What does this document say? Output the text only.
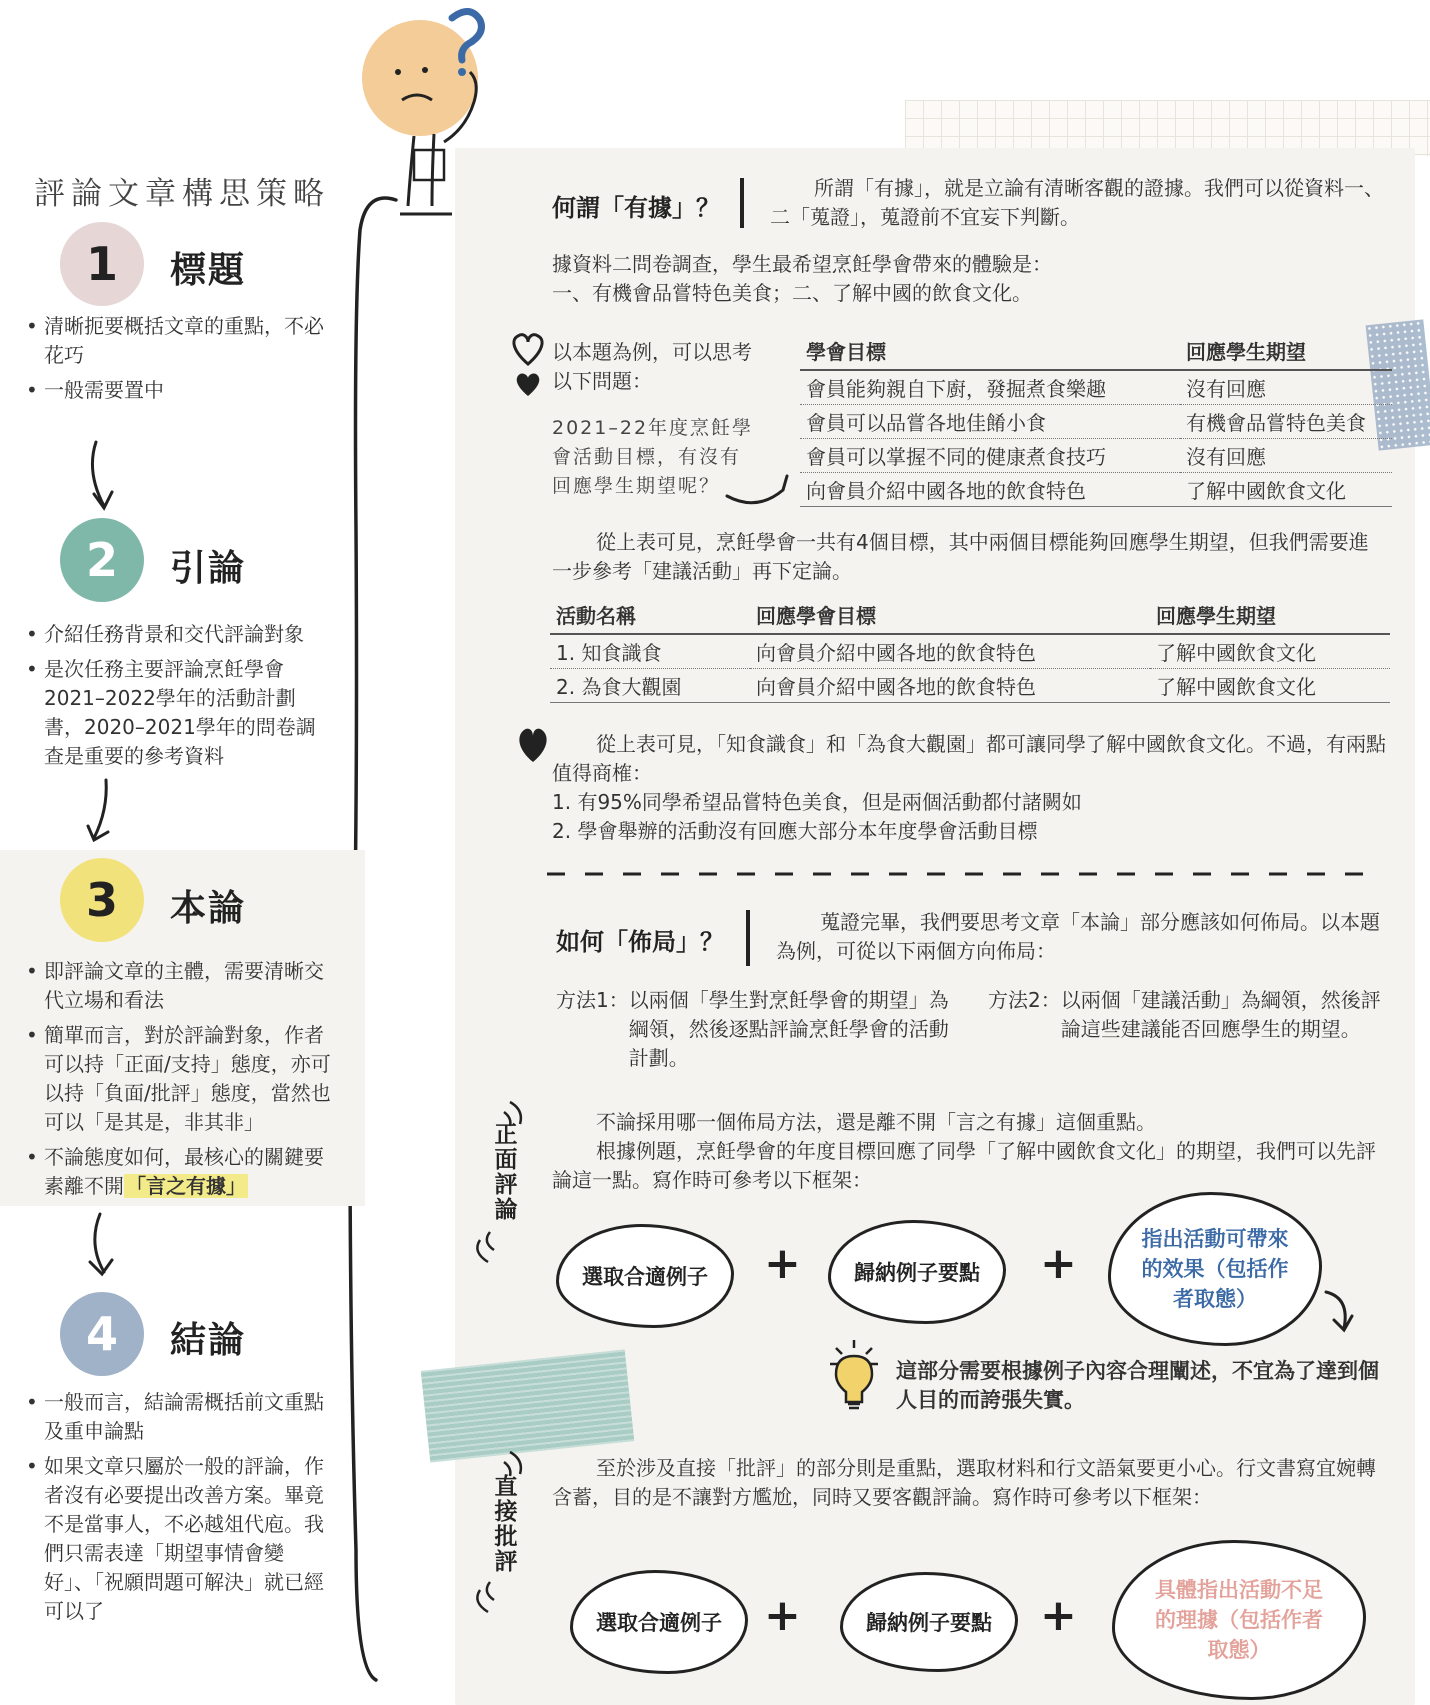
評論文章構思策略
1 標題
• 清晰扼要概括文章的重點，不必花巧
• 一般需要置中
2 引論
• 介紹任務背景和交代評論對象
• 是次任務主要評論烹飪學會2021–2022學年的活動計劃書，2020–2021學年的問卷調查是重要的參考資料
3 本論
• 即評論文章的主體，需要清晰交代立場和看法
• 簡單而言，對於評論對象，作者可以持「正面/支持」態度，亦可以持「負面/批評」態度，當然也可以「是其是，非其非」
• 不論態度如何，最核心的關鍵要素離不開 「言之有據」
4 結論
• 一般而言，結論需概括前文重點及重申論點
• 如果文章只屬於一般的評論，作者沒有必要提出改善方案。畢竟不是當事人，不必越俎代庖。我們只需表達「期望事情會變好」、「祝願問題可解決」就已經可以了
何謂「有據」？

所謂「有據」，就是立論有清晰客觀的證據。我們可以從資料一、二「蒐證」，蒐證前不宜妄下判斷。

據資料二問卷調查，學生最希望烹飪學會帶來的體驗是：

一、有機會品嘗特色美食；二、了解中國的飲食文化。

以本題為例，可以思考以下問題：
2021–22年度烹飪學會活動目標，有沒有回應學生期望呢？
學會目標	回應學生期望
會員能夠親自下廚，發掘煮食樂趣	沒有回應
會員可以品嘗各地佳餚小食	有機會品嘗特色美食
會員可以掌握不同的健康煮食技巧	沒有回應
向會員介紹中國各地的飲食特色	了解中國飲食文化

從上表可見，烹飪學會一共有4個目標，其中兩個目標能夠回應學生期望，但我們需要進一步參考「建議活動」再下定論。

活動名稱	回應學會目標	回應學生期望
1. 知食識食	向會員介紹中國各地的飲食特色	了解中國飲食文化
2. 為食大觀園	向會員介紹中國各地的飲食特色	了解中國飲食文化

從上表可見，「知食識食」和「為食大觀園」都可讓同學了解中國飲食文化。不過，有兩點值得商榷：

1. 有95%同學希望品嘗特色美食，但是兩個活動都付諸闕如

2. 學會舉辦的活動沒有回應大部分本年度學會活動目標

如何「佈局」？

蒐證完畢，我們要思考文章「本論」部分應該如何佈局。以本題為例，可從以下兩個方向佈局：

方法1： 以兩個「學生對烹飪學會的期望」為綱領，然後逐點評論烹飪學會的活動計劃。
方法2： 以兩個「建議活動」為綱領，然後評論這些建議能否回應學生的期望。
正面評論

不論採用哪一個佈局方法，還是離不開「言之有據」這個重點。

根據例題，烹飪學會的年度目標回應了同學「了解中國飲食文化」的期望，我們可以先評論這一點。寫作時可參考以下框架：

選取合適例子	+	歸納例子要點	+	指出活動可帶來的效果（包括作者取態）
這部分需要根據例子內容合理闡述，不宜為了達到個人目的而誇張失實。
直接批評

至於涉及直接「批評」的部分則是重點，選取材料和行文語氣要更小心。行文書寫宜婉轉含蓄，目的是不讓對方尷尬，同時又要客觀評論。寫作時可參考以下框架：

選取合適例子 +	歸納例子要點	+
具體指出活動不足的理據（包括作者取態）
